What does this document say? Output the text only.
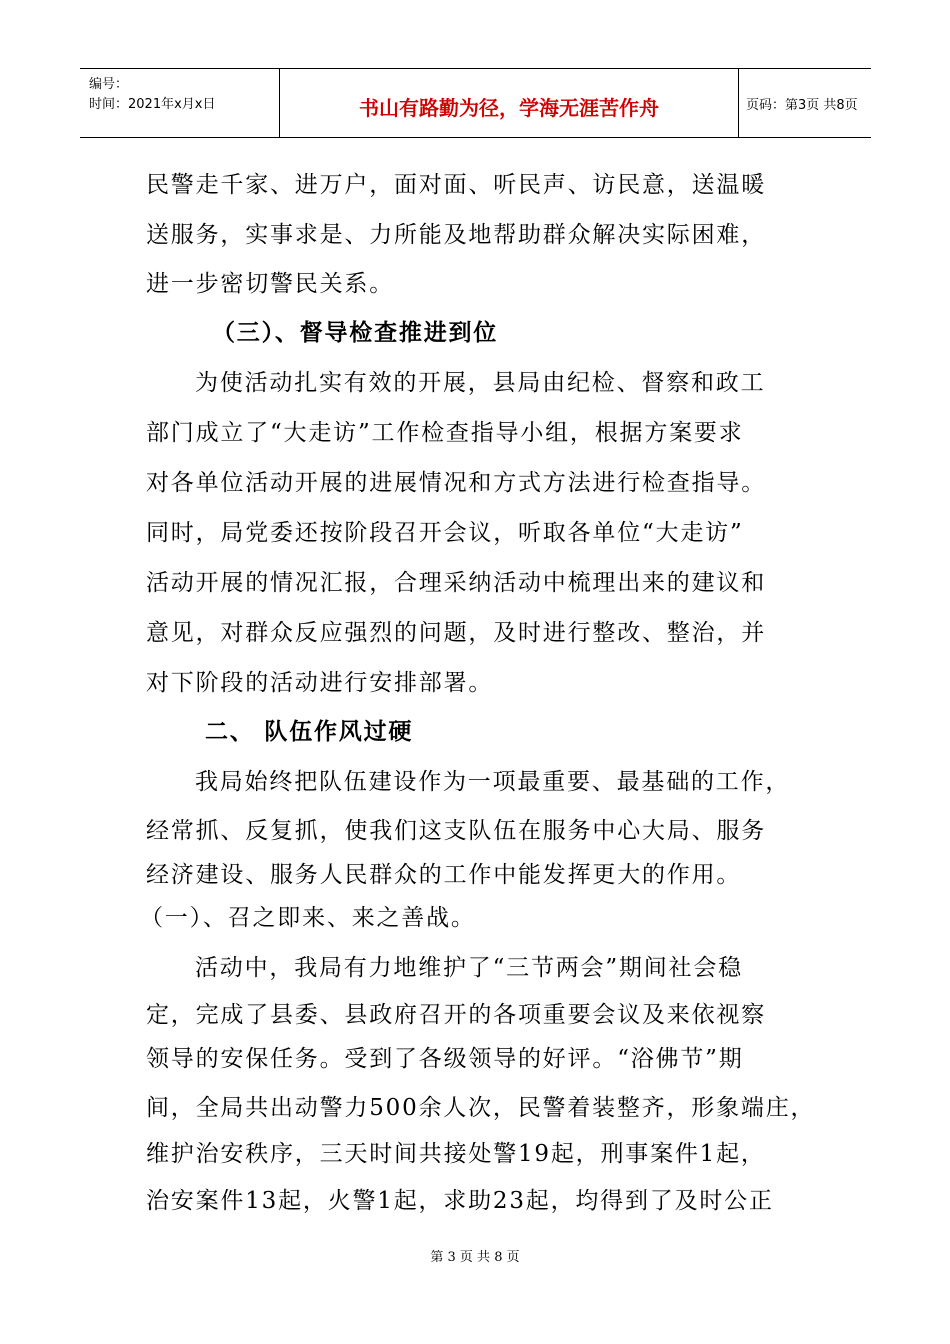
编号：
时间：2021年x月x日	书山有路勤为径，学海无涯苦作舟	页码：第3页 共8页
民警走千家、进万户，面对面、听民声、访民意，送温暖
送服务，实事求是、力所能及地帮助群众解决实际困难，
进一步密切警民关系。
（三）、督导检查推进到位
为使活动扎实有效的开展，县局由纪检、督察和政工
部门成立了“大走访”工作检查指导小组，根据方案要求
对各单位活动开展的进展情况和方式方法进行检查指导。
同时，局党委还按阶段召开会议，听取各单位“大走访”
活动开展的情况汇报，合理采纳活动中梳理出来的建议和
意见，对群众反应强烈的问题，及时进行整改、整治，并
对下阶段的活动进行安排部署。
二、 队伍作风过硬
我局始终把队伍建设作为一项最重要、最基础的工作，
经常抓、反复抓，使我们这支队伍在服务中心大局、服务
经济建设、服务人民群众的工作中能发挥更大的作用。
（一）、召之即来、来之善战。
活动中，我局有力地维护了“三节两会”期间社会稳
定，完成了县委、县政府召开的各项重要会议及来依视察
领导的安保任务。受到了各级领导的好评。“浴佛节”期
间，全局共出动警力500余人次，民警着装整齐，形象端庄，
维护治安秩序，三天时间共接处警19起，刑事案件1起，
治安案件13起，火警1起，求助23起，均得到了及时公正
第 3 页 共 8 页
